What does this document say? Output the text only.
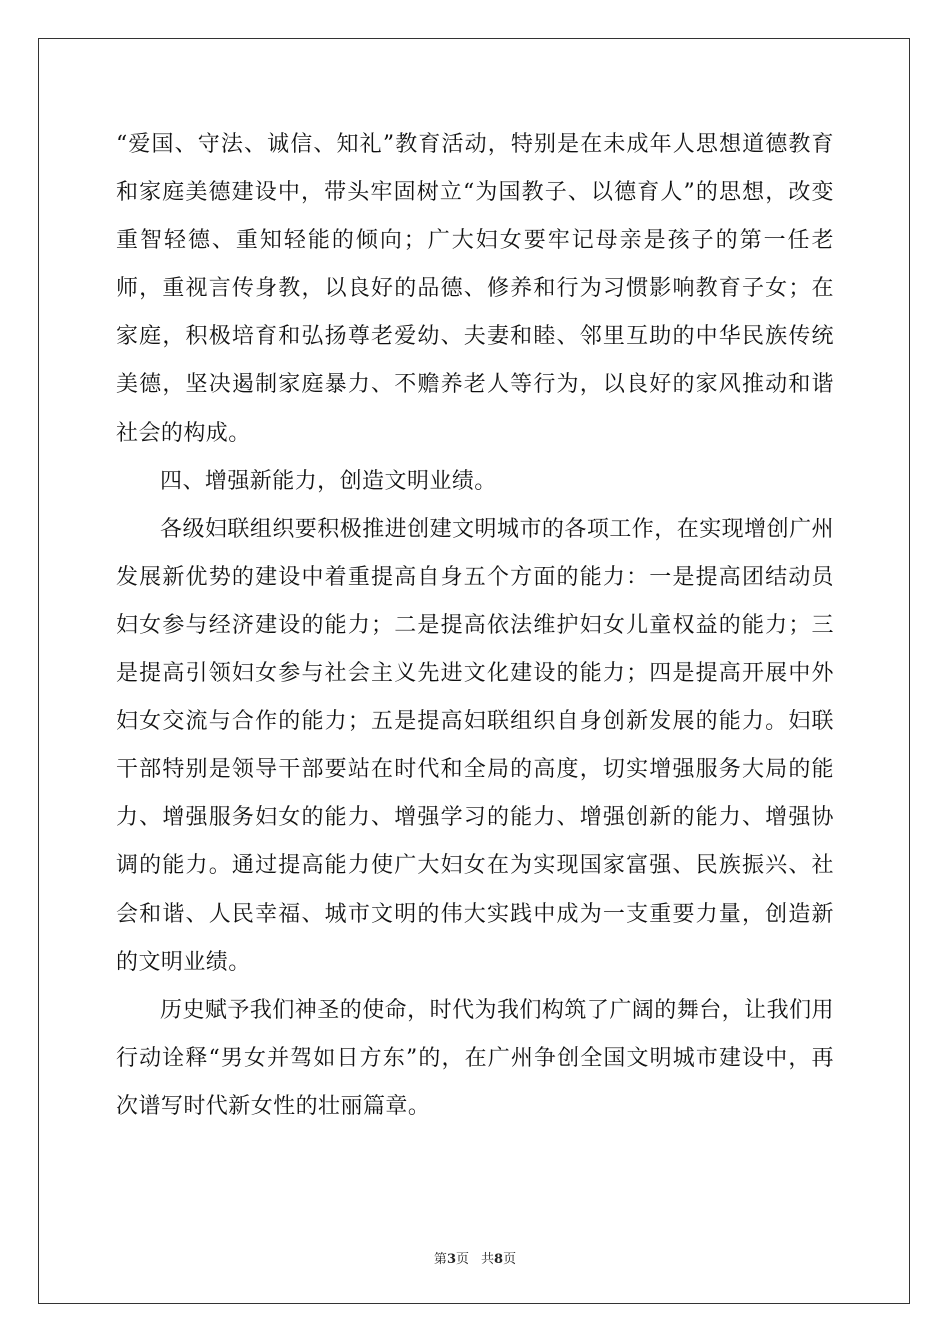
“爱国、守法、诚信、知礼”教育活动，特别是在未成年人思想道德教育和家庭美德建设中，带头牢固树立“为国教子、以德育人”的思想，改变重智轻德、重知轻能的倾向；广大妇女要牢记母亲是孩子的第一任老师，重视言传身教，以良好的品德、修养和行为习惯影响教育子女；在家庭，积极培育和弘扬尊老爱幼、夫妻和睦、邻里互助的中华民族传统美德，坚决遏制家庭暴力、不赡养老人等行为，以良好的家风推动和谐社会的构成。

四、增强新能力，创造文明业绩。

各级妇联组织要积极推进创建文明城市的各项工作，在实现增创广州发展新优势的建设中着重提高自身五个方面的能力：一是提高团结动员妇女参与经济建设的能力；二是提高依法维护妇女儿童权益的能力；三是提高引领妇女参与社会主义先进文化建设的能力；四是提高开展中外妇女交流与合作的能力；五是提高妇联组织自身创新发展的能力。妇联干部特别是领导干部要站在时代和全局的高度，切实增强服务大局的能力、增强服务妇女的能力、增强学习的能力、增强创新的能力、增强协调的能力。通过提高能力使广大妇女在为实现国家富强、民族振兴、社会和谐、人民幸福、城市文明的伟大实践中成为一支重要力量，创造新的文明业绩。

历史赋予我们神圣的使命，时代为我们构筑了广阔的舞台，让我们用行动诠释“男女并驾如日方东”的，在广州争创全国文明城市建设中，再次谱写时代新女性的壮丽篇章。

第3页 共8页
